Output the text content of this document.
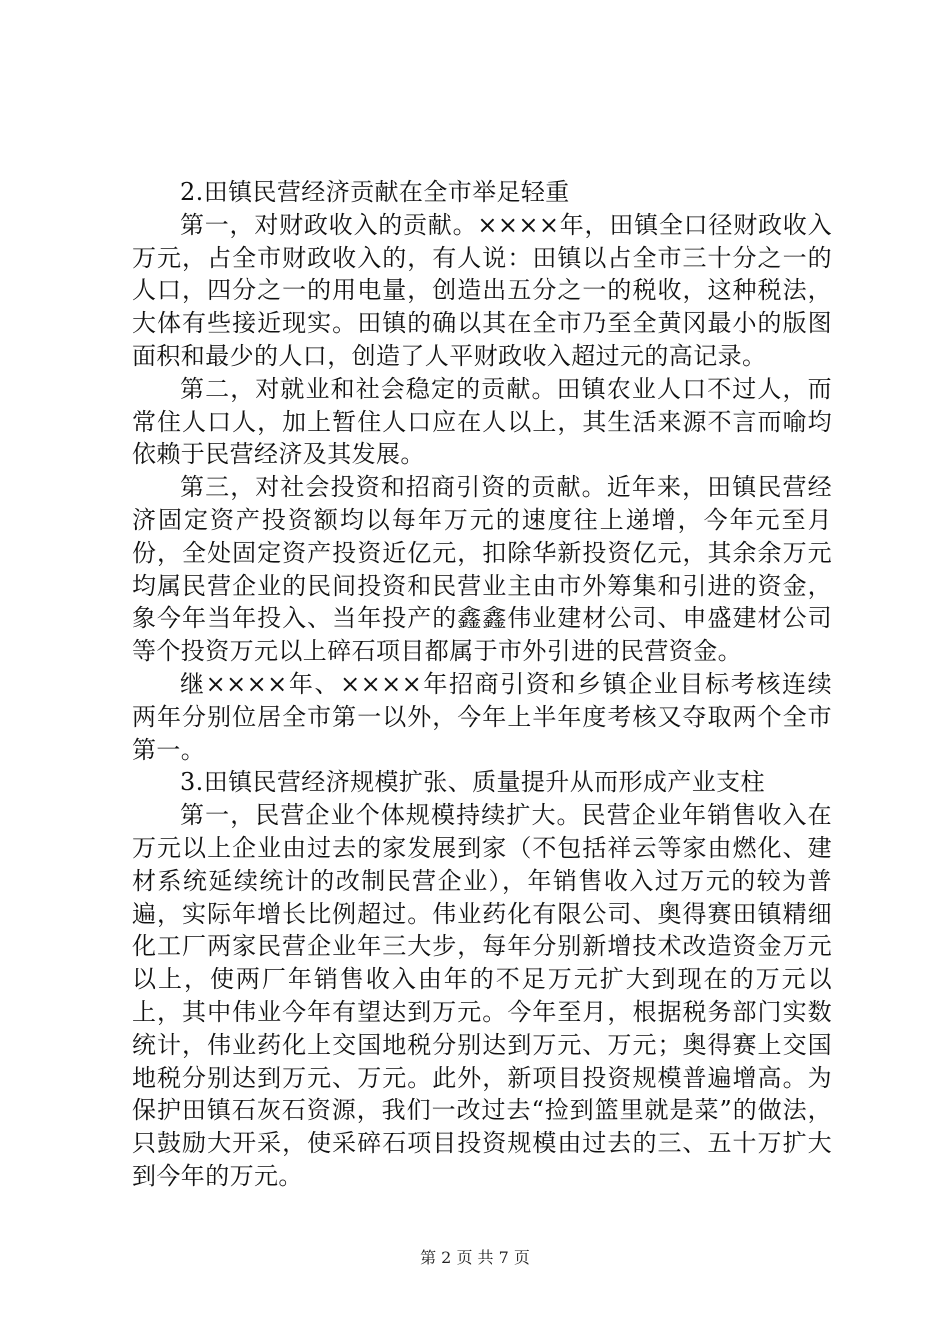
2.田镇民营经济贡献在全市举足轻重

第一，对财政收入的贡献。××××年，田镇全口径财政收入万元，占全市财政收入的，有人说：田镇以占全市三十分之一的人口，四分之一的用电量，创造出五分之一的税收，这种税法，大体有些接近现实。田镇的确以其在全市乃至全黄冈最小的版图面积和最少的人口，创造了人平财政收入超过元的高记录。

第二，对就业和社会稳定的贡献。田镇农业人口不过人，而常住人口人，加上暂住人口应在人以上，其生活来源不言而喻均依赖于民营经济及其发展。

第三，对社会投资和招商引资的贡献。近年来，田镇民营经济固定资产投资额均以每年万元的速度往上递增，今年元至月份，全处固定资产投资近亿元，扣除华新投资亿元，其余余万元均属民营企业的民间投资和民营业主由市外筹集和引进的资金，象今年当年投入、当年投产的鑫鑫伟业建材公司、申盛建材公司等个投资万元以上碎石项目都属于市外引进的民营资金。

继××××年、××××年招商引资和乡镇企业目标考核连续两年分别位居全市第一以外，今年上半年度考核又夺取两个全市第一。

3.田镇民营经济规模扩张、质量提升从而形成产业支柱

第一，民营企业个体规模持续扩大。民营企业年销售收入在万元以上企业由过去的家发展到家（不包括祥云等家由燃化、建材系统延续统计的改制民营企业），年销售收入过万元的较为普遍，实际年增长比例超过。伟业药化有限公司、奥得赛田镇精细化工厂两家民营企业年三大步，每年分别新增技术改造资金万元以上，使两厂年销售收入由年的不足万元扩大到现在的万元以上，其中伟业今年有望达到万元。今年至月，根据税务部门实数统计，伟业药化上交国地税分别达到万元、万元；奥得赛上交国地税分别达到万元、万元。此外，新项目投资规模普遍增高。为保护田镇石灰石资源，我们一改过去“捡到篮里就是菜”的做法，只鼓励大开采，使采碎石项目投资规模由过去的三、五十万扩大到今年的万元。

第 2 页 共 7 页
